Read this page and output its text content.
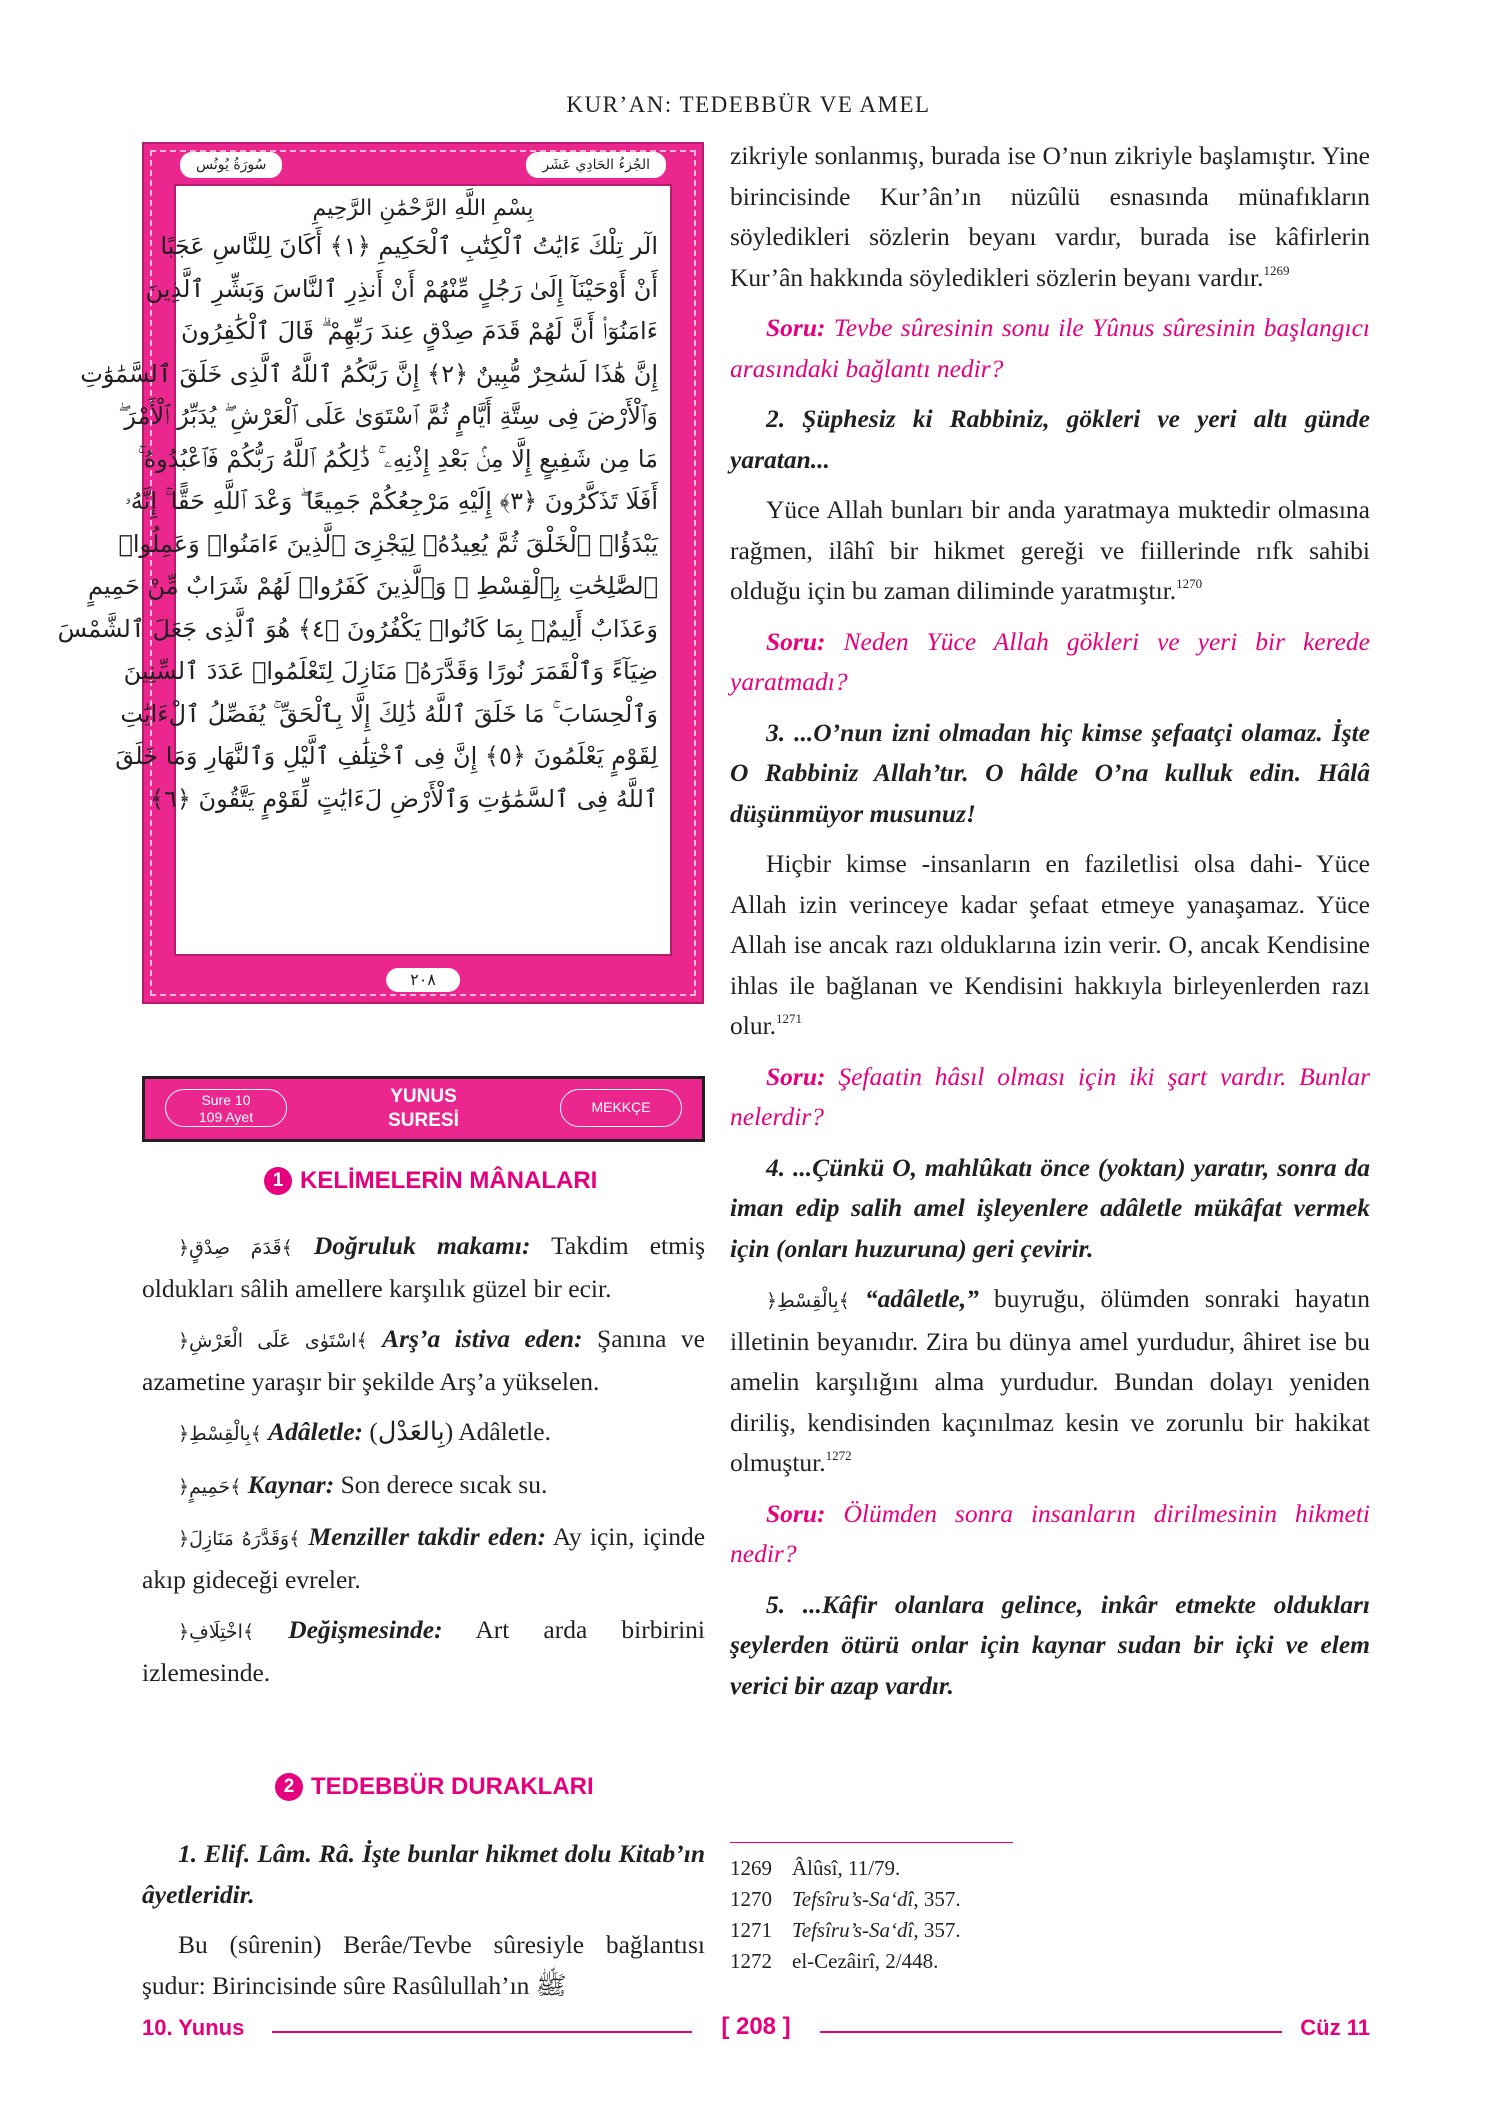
KUR’AN: TEDEBBÜR VE AMEL
سُورَةُ يُونُس	الجُزءُ الحَادِي عَشَر
بِسْمِ اللَّهِ الرَّحْمَٰنِ الرَّحِيمِ
الٓر تِلْكَ ءَايَٰتُ ٱلْكِتَٰبِ ٱلْحَكِيمِ ﴿١﴾ أَكَانَ لِلنَّاسِ عَجَبًا
أَنْ أَوْحَيْنَآ إِلَىٰ رَجُلٍ مِّنْهُمْ أَنْ أَنذِرِ ٱلنَّاسَ وَبَشِّرِ ٱلَّذِينَ
ءَامَنُوٓا۟ أَنَّ لَهُمْ قَدَمَ صِدْقٍ عِندَ رَبِّهِمْ ۗ قَالَ ٱلْكَٰفِرُونَ
إِنَّ هَٰذَا لَسَٰحِرٌ مُّبِينٌ ﴿٢﴾ إِنَّ رَبَّكُمُ ٱللَّهُ ٱلَّذِى خَلَقَ ٱلسَّمَٰوَٰتِ
وَٱلْأَرْضَ فِى سِتَّةِ أَيَّامٍ ثُمَّ ٱسْتَوَىٰ عَلَى ٱلْعَرْشِ ۖ يُدَبِّرُ ٱلْأَمْرَ ۖ
مَا مِن شَفِيعٍ إِلَّا مِنۢ بَعْدِ إِذْنِهِۦ ۚ ذَٰلِكُمُ ٱللَّهُ رَبُّكُمْ فَٱعْبُدُوهُ ۚ
أَفَلَا تَذَكَّرُونَ ﴿٣﴾ إِلَيْهِ مَرْجِعُكُمْ جَمِيعًا ۖ وَعْدَ ٱللَّهِ حَقًّا ۚ إِنَّهُۥ
يَبْدَؤُا۟ ٱلْخَلْقَ ثُمَّ يُعِيدُهُۥ لِيَجْزِىَ ٱلَّذِينَ ءَامَنُوا۟ وَعَمِلُوا۟
ٱلصَّٰلِحَٰتِ بِٱلْقِسْطِ ۚ وَٱلَّذِينَ كَفَرُوا۟ لَهُمْ شَرَابٌ مِّنْ حَمِيمٍ
وَعَذَابٌ أَلِيمٌۢ بِمَا كَانُوا۟ يَكْفُرُونَ ﴿٤﴾ هُوَ ٱلَّذِى جَعَلَ ٱلشَّمْسَ
ضِيَآءً وَٱلْقَمَرَ نُورًا وَقَدَّرَهُۥ مَنَازِلَ لِتَعْلَمُوا۟ عَدَدَ ٱلسِّنِينَ
وَٱلْحِسَابَ ۚ مَا خَلَقَ ٱللَّهُ ذَٰلِكَ إِلَّا بِٱلْحَقِّ ۚ يُفَصِّلُ ٱلْءَايَٰتِ
لِقَوْمٍ يَعْلَمُونَ ﴿٥﴾ إِنَّ فِى ٱخْتِلَٰفِ ٱلَّيْلِ وَٱلنَّهَارِ وَمَا خَلَقَ
ٱللَّهُ فِى ٱلسَّمَٰوَٰتِ وَٱلْأَرْضِ لَءَايَٰتٍ لِّقَوْمٍ يَتَّقُونَ ﴿٦﴾
٢٠٨
Sure 10
109 Ayet
YUNUS
SURESİ
MEKKÇE
1 KELİMELERİN MÂNALARI

﴿قَدَمَ صِدْقٍ﴾ Doğruluk makamı: Takdim etmiş oldukları sâlih amellere karşılık güzel bir ecir.

﴿اسْتَوٰى عَلَى الْعَرْشِ﴾ Arş’a istiva eden: Şanına ve azametine yaraşır bir şekilde Arş’a yükselen.

﴿بِالْقِسْطِ﴾ Adâletle: (بِالعَدْل) Adâletle.

﴿حَمِيمٍ﴾ Kaynar: Son derece sıcak su.

﴿وَقَدَّرَهُ مَنَازِلَ﴾ Menziller takdir eden: Ay için, içinde akıp gideceği evreler.

﴿اخْتِلَافِ﴾ Değişmesinde: Art arda birbirini izlemesinde.

2 TEDEBBÜR DURAKLARI

1. Elif. Lâm. Râ. İşte bunlar hikmet dolu Kitab’ın âyetleridir.

Bu (sûrenin) Berâe/Tevbe sûresiyle bağlantısı şudur: Birincisinde sûre Rasûlullah’ın ﷺ

zikriyle sonlanmış, burada ise O’nun zikriyle başlamıştır. Yine birincisinde Kur’ân’ın nüzûlü esnasında münafıkların söyledikleri sözlerin beyanı vardır, burada ise kâfirlerin Kur’ân hakkında söyledikleri sözlerin beyanı vardır.$^{1269}$

Soru: Tevbe sûresinin sonu ile Yûnus sûresinin başlangıcı arasındaki bağlantı nedir?

2. Şüphesiz ki Rabbiniz, gökleri ve yeri altı günde yaratan...

Yüce Allah bunları bir anda yaratmaya muktedir olmasına rağmen, ilâhî bir hikmet gereği ve fiillerinde rıfk sahibi olduğu için bu zaman diliminde yaratmıştır.$^{1270}$

Soru: Neden Yüce Allah gökleri ve yeri bir kerede yaratmadı?

3. ...O’nun izni olmadan hiç kimse şefaatçi olamaz. İşte O Rabbiniz Allah’tır. O hâlde O’na kulluk edin. Hâlâ düşünmüyor musunuz!

Hiçbir kimse -insanların en faziletlisi olsa dahi- Yüce Allah izin verinceye kadar şefaat etmeye yanaşamaz. Yüce Allah ise ancak razı olduklarına izin verir. O, ancak Kendisine ihlas ile bağlanan ve Kendisini hakkıyla birleyenlerden razı olur.$^{1271}$

Soru: Şefaatin hâsıl olması için iki şart vardır. Bunlar nelerdir?

4. ...Çünkü O, mahlûkatı önce (yoktan) yaratır, sonra da iman edip salih amel işleyenlere adâletle mükâfat vermek için (onları huzuruna) geri çevirir.

﴿بِالْقِسْطِ﴾ “adâletle,” buyruğu, ölümden sonraki hayatın illetinin beyanıdır. Zira bu dünya amel yurdudur, âhiret ise bu amelin karşılığını alma yurdudur. Bundan dolayı yeniden diriliş, kendisinden kaçınılmaz kesin ve zorunlu bir hakikat olmuştur.$^{1272}$

Soru: Ölümden sonra insanların dirilmesinin hikmeti nedir?

5. ...Kâfir olanlara gelince, inkâr etmekte oldukları şeylerden ötürü onlar için kaynar sudan bir içki ve elem verici bir azap vardır.

1269 Âlûsî, 11/79.
1270 Tefsîru’s-Sa‘dî, 357.
1271 Tefsîru’s-Sa‘dî, 357.
1272 el-Cezâirî, 2/448.
10. Yunus	[ 208 ]	Cüz 11
